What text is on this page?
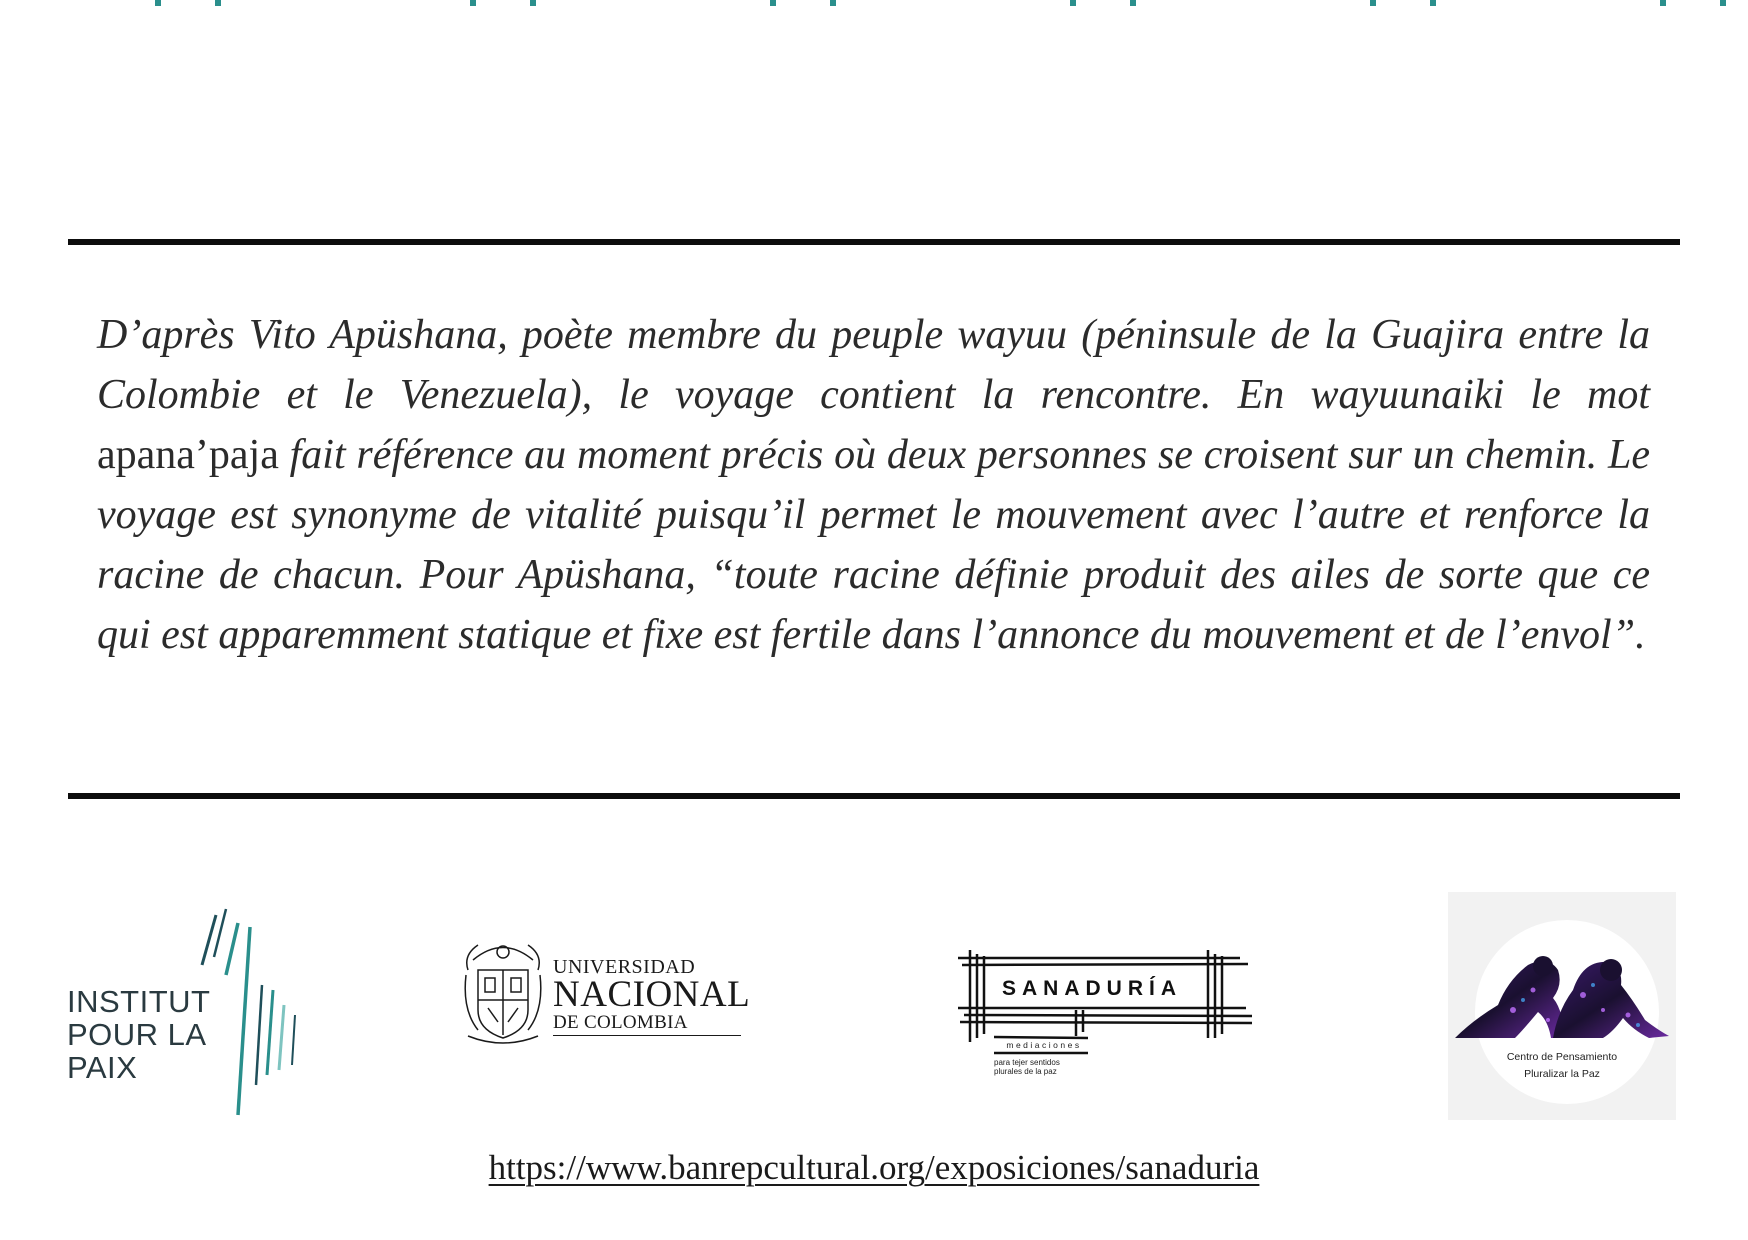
D’après Vito Apüshana, poète membre du peuple wayuu (péninsule de la Guajira entre la Colombie et le Venezuela), le voyage contient la rencontre. En wayuunaiki le mot apana’paja fait référence au moment précis où deux personnes se croisent sur un chemin. Le voyage est synonyme de vitalité puisqu’il permet le mouvement avec l’autre et renforce la racine de chacun. Pour Apüshana, “toute racine définie produit des ailes de sorte que ce qui est apparemment statique et fixe est fertile dans l’annonce du mouvement et de l’envol”.

INSTITUT
POUR LA
PAIX
UNIVERSIDAD
NACIONAL
DE COLOMBIA
SANADURÍA
mediaciones
para tejer sentidos
plurales de la paz
Centro de Pensamiento
Pluralizar la Paz
https://www.banrepcultural.org/exposiciones/sanaduria
